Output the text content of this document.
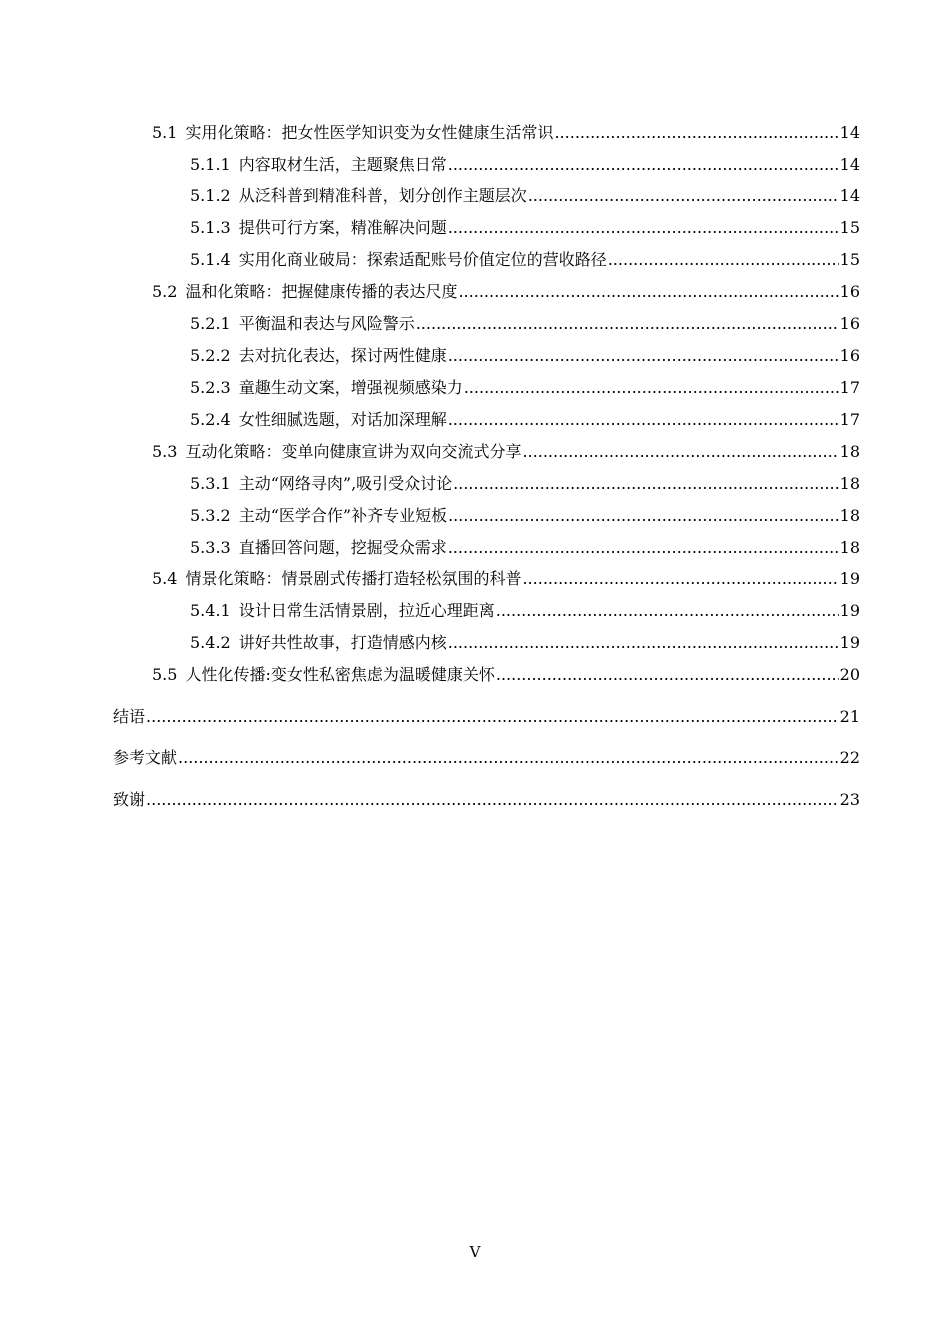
5.1 实用化策略：把女性医学知识变为女性健康生活常识 .....	14
5.1.1 内容取材生活，主题聚焦日常 .....	14
5.1.2 从泛科普到精准科普，划分创作主题层次 .....	14
5.1.3 提供可行方案，精准解决问题 .....	15
5.1.4 实用化商业破局：探索适配账号价值定位的营收路径 .....	15
5.2 温和化策略：把握健康传播的表达尺度 .....	16
5.2.1 平衡温和表达与风险警示 .....	16
5.2.2 去对抗化表达，探讨两性健康 .....	16
5.2.3 童趣生动文案，增强视频感染力 .....	17
5.2.4 女性细腻选题，对话加深理解 .....	17
5.3 互动化策略：变单向健康宣讲为双向交流式分享 .....	18
5.3.1 主动“网络寻肉”,吸引受众讨论 .....	18
5.3.2 主动“医学合作”补齐专业短板 .....	18
5.3.3 直播回答问题，挖掘受众需求 .....	18
5.4 情景化策略：情景剧式传播打造轻松氛围的科普 .....	19
5.4.1 设计日常生活情景剧，拉近心理距离 .....	19
5.4.2 讲好共性故事，打造情感内核 .....	19
5.5 人性化传播:变女性私密焦虑为温暖健康关怀 .....	20
结语 .....	21
参考文献 .....	22
致谢 .....	23
V
